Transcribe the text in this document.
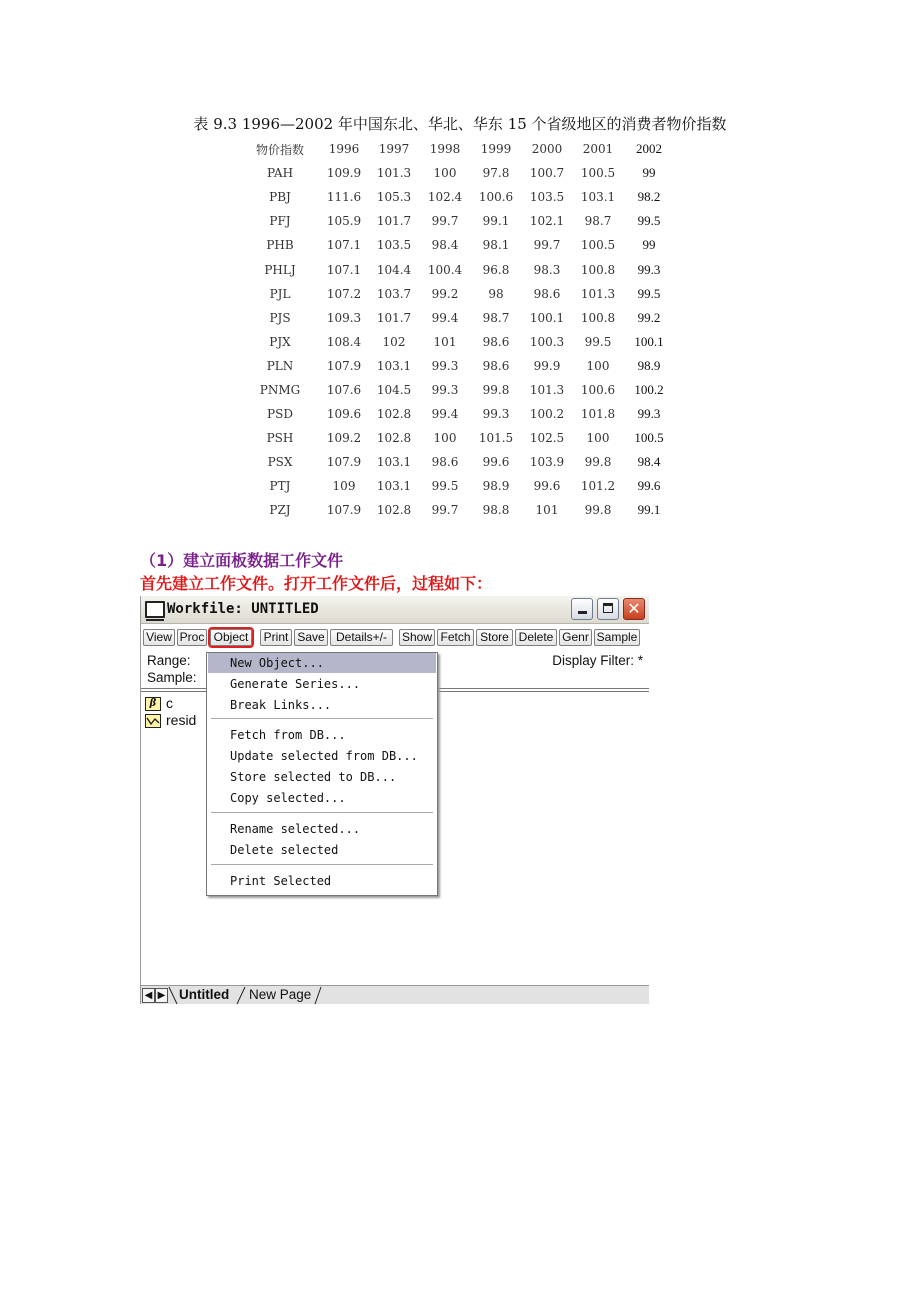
表 9.3 1996—2002 年中国东北、华北、华东 15 个省级地区的消费者物价指数
物价指数	1996	1997	1998	1999	2000	2001	2002
PAH	109.9	101.3	100	97.8	100.7	100.5	99
PBJ	111.6	105.3	102.4	100.6	103.5	103.1	98.2
PFJ	105.9	101.7	99.7	99.1	102.1	98.7	99.5
PHB	107.1	103.5	98.4	98.1	99.7	100.5	99
PHLJ	107.1	104.4	100.4	96.8	98.3	100.8	99.3
PJL	107.2	103.7	99.2	98	98.6	101.3	99.5
PJS	109.3	101.7	99.4	98.7	100.1	100.8	99.2
PJX	108.4	102	101	98.6	100.3	99.5	100.1
PLN	107.9	103.1	99.3	98.6	99.9	100	98.9
PNMG	107.6	104.5	99.3	99.8	101.3	100.6	100.2
PSD	109.6	102.8	99.4	99.3	100.2	101.8	99.3
PSH	109.2	102.8	100	101.5	102.5	100	100.5
PSX	107.9	103.1	98.6	99.6	103.9	99.8	98.4
PTJ	109	103.1	99.5	98.9	99.6	101.2	99.6
PZJ	107.9	102.8	99.7	98.8	101	99.8	99.1
（1）建立面板数据工作文件
首先建立工作文件。打开工作文件后，过程如下：
Workfile: UNTITLED	✕
View Proc Object	Print Save Details+/-	Show Fetch Store Delete Genr Sample
Range:
Sample:
Display Filter: *
β c
resid
◀ ▶ Untitled New Page
New Object...
Generate Series...
Break Links...
Fetch from DB...
Update selected from DB...
Store selected to DB...
Copy selected...
Rename selected...
Delete selected
Print Selected
